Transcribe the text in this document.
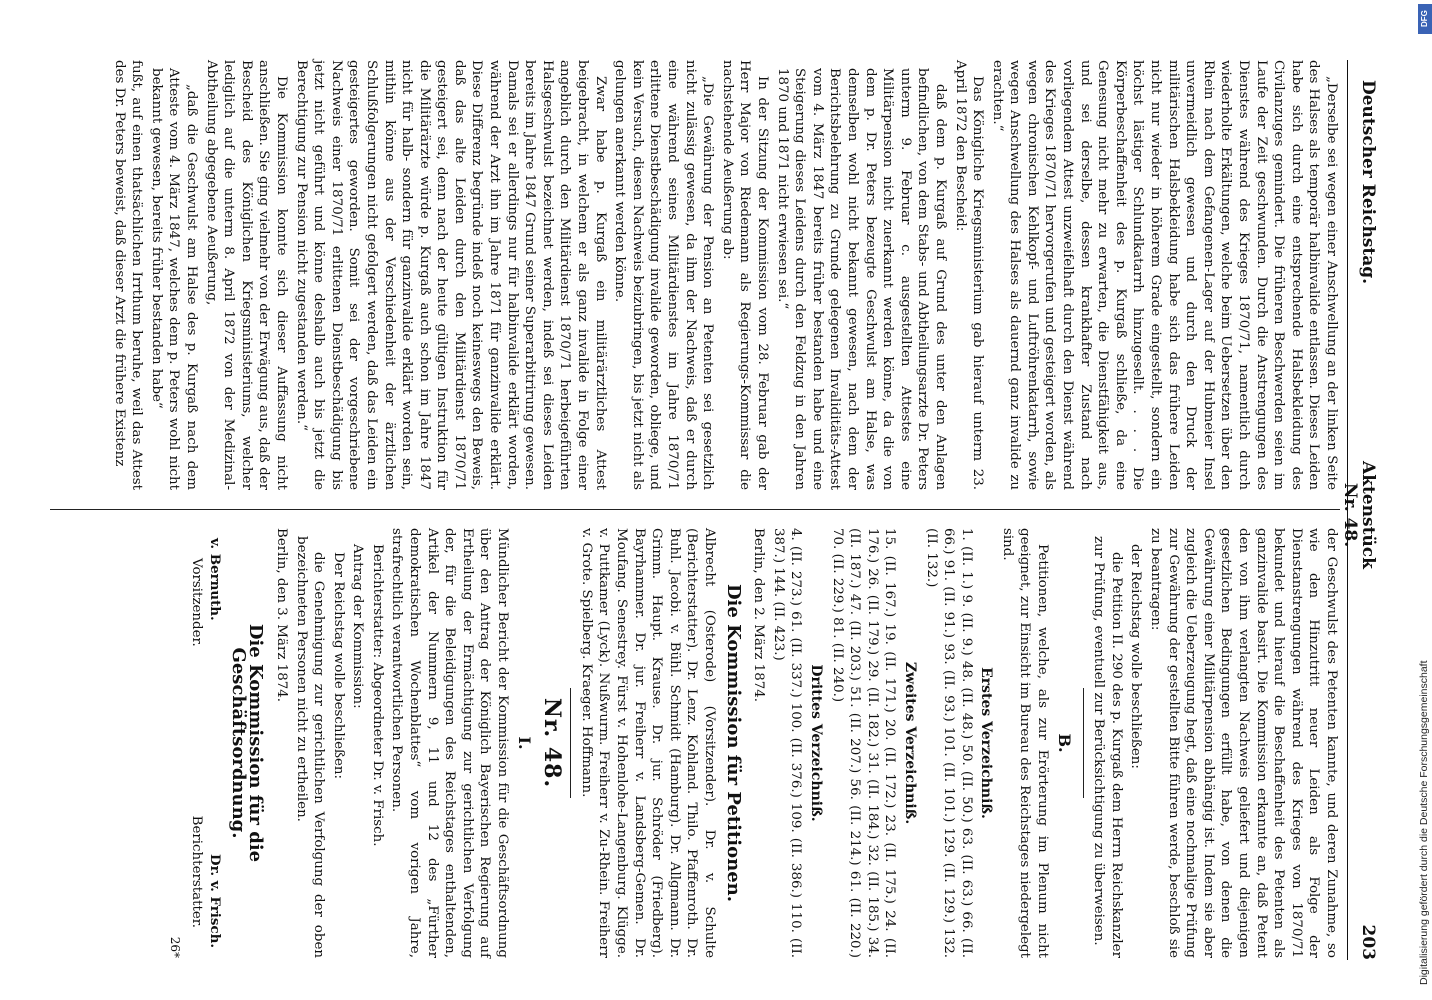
Deutscher Reichstag.
Aktenstück Nr. 48.
203

„Derselbe sei wegen einer Anschwellung an der linken Seite des Halses als temporär halbinvalide entlassen. Dieses Leiden habe sich durch eine entsprechende Halsbekleidung des Civilanzuges gemindert. Die früheren Beschwerden seien im Laufe der Zeit geschwunden. Durch die Anstrengungen des Dienstes während des Krieges 1870/71, namentlich durch wiederholte Erkältungen, welche beim Uebersetzen über den Rhein nach dem Gefangenen-Lager auf der Hubmeier Insel unvermeidlich gewesen und durch den Druck der militärischen Halsbekleidung habe sich das frühere Leiden nicht nur wieder in höherem Grade eingestellt, sondern ein höchst lästiger Schlundkatarrh hinzugesellt. . . . Die Körperbeschaffenheit des p. Kurgaß schließe, da eine Genesung nicht mehr zu erwarten, die Dienstfähigkeit aus, und sei derselbe, dessen krankhafter Zustand nach vorliegendem Attest unzweifelhaft durch den Dienst während des Krieges 1870/71 hervorgerufen und gesteigert worden, als wegen chronischen Kehlkopf- und Luftröhrenkatarrh, sowie wegen Anschwellung des Halses als dauernd ganz invalide zu erachten.“

Das Königliche Kriegsministerium gab hierauf unterm 23. April 1872 den Bescheid:

daß dem p. Kurgaß auf Grund des unter den Anlagen befindlichen, von dem Stabs- und Abtheilungsarzte Dr. Peters unterm 9. Februar c. ausgestellten Attestes eine Militärpension nicht zuerkannt werden könne, da die von dem p. Dr. Peters bezeugte Geschwulst am Halse, was demselben wohl nicht bekannt gewesen, nach dem der Berichtsbelehrung zu Grunde gelegenen Invaliditäts-Attest vom 4. März 1847 bereits früher bestanden habe und eine Steigerung dieses Leidens durch den Feldzug in den Jahren 1870 und 1871 nicht erwiesen sei.“

In der Sitzung der Kommission vom 28. Februar gab der Herr Major von Riedemann als Regierungs-Kommissar die nachstehende Aeußerung ab:

„Die Gewährung der Pension an Petenten sei gesetzlich nicht zulässig gewesen, da ihm der Nachweis, daß er durch eine während seines Militärdienstes im Jahre 1870/71 erlittene Dienstbeschädigung invalide geworden, obliege, und kein Versuch, diesen Nachweis beizubringen, bis jetzt nicht als gelungen anerkannt werden könne.

Zwar habe p. Kurgaß ein militärärztliches Attest beigebracht, in welchem er als ganz invalide in Folge einer angeblich durch den Militärdienst 1870/71 herbeigeführten Halsgeschwulst bezeichnet werden, indeß sei dieses Leiden bereits im Jahre 1847 Grund seiner Superarbitrirung gewesen. Damals sei er allerdings nur für halbinvalide erklärt worden, während der Arzt ihn im Jahre 1871 für ganzinvalide erklärt. Diese Differenz begründe indeß noch keineswegs den Beweis, daß das alte Leiden durch den Militärdienst 1870/71 gesteigert sei, denn nach der heute gültigen Instruktion für die Militärärzte würde p. Kurgaß auch schon im Jahre 1847 nicht für halb- sondern für ganzinvalide erklärt worden sein, mithin könne aus der Verschiedenheit der ärztlichen Schlußfolgerungen nicht gefolgert werden, daß das Leiden ein gesteigertes geworden. Somit sei der vorgeschriebene Nachweis einer 1870/71 erlittenen Dienstbeschädigung bis jetzt nicht geführt und könne deshalb auch bis jetzt die Berechtigung zur Pension nicht zugestanden werden.“

Die Kommission konnte sich dieser Auffassung nicht anschließen. Sie ging vielmehr von der Erwägung aus, daß der Bescheid des Königlichen Kriegsministeriums, welcher lediglich auf die unterm 8. April 1872 von der Medizinal-Abtheilung abgegebene Aeußerung,

„daß die Geschwulst am Halse des p. Kurgaß nach dem Atteste vom 4. März 1847, welches dem p. Peters wohl nicht bekannt gewesen, bereits früher bestanden habe“

fußt, auf einen thatsächlichen Irrthum beruhe, weil das Attest des Dr. Peters beweist, daß dieser Arzt die frühere Existenz

der Geschwulst des Petenten kannte, und deren Zunahme, so wie den Hinzutritt neuer Leiden als Folge der Dienstanstrengungen während des Krieges von 1870/71 bekundet und hierauf die Beschaffenheit des Petenten als ganzinvalide basirt. Die Kommission erkannte an, daß Petent den von ihm verlangten Nachweis geliefert und diejenigen gesetzlichen Bedingungen erfüllt habe, von denen die Gewährung einer Militärpension abhängig ist. Indem sie aber zugleich die Ueberzeugung hegt, daß eine nochmalige Prüfung zur Gewährung der gestellten Bitte führen werde, beschloß sie zu beantragen:

der Reichstag wolle beschließen:

die Petition II. 290 des p. Kurgaß dem Herrn Reichskanzler zur Prüfung, eventuell zur Berücksichtigung zu überweisen.

B.

Petitionen, welche, als zur Erörterung im Plenum nicht geeignet, zur Einsicht im Bureau des Reichstages niedergelegt sind.

Erstes Verzeichniß.

1. (II. 1.) 9. (II. 9.) 48. (II. 48.) 50. (II. 50.) 63. (II. 63.) 66. (II. 66.) 91. (II. 91.) 93. (II. 93.) 101. (II. 101.) 129. (II. 129.) 132. (II. 132.)

Zweites Verzeichniß.

15. (II. 167.) 19. (II. 171.) 20. (II. 172.) 23. (II. 175.) 24. (II. 176.) 26. (II. 179.) 29. (II. 182.) 31. (II. 184.) 32. (II. 185.) 34. (II. 187.) 47. (II. 203.) 51. (II. 207.) 56. (II. 214.) 61. (II. 220.) 70. (II. 229.) 81. (II. 240.)

Drittes Verzeichniß.

4. (II. 273.) 61. (II. 337.) 100. (II. 376.) 109. (II. 386.) 110. (II. 387.) 144. (II. 423.)

Berlin, den 2. März 1874.

Die Kommission für Petitionen.

Albrecht (Osterode) (Vorsitzender). Dr. v. Schulte (Berichterstatter). Dr. Lenz. Kohland. Thilo. Pfaffenroth. Dr. Buhl. Jacobi. v. Bühl. Schmidt (Hamburg). Dr. Allgmann. Dr. Grimm. Haupt. Krause. Dr. jur. Schröder (Friedberg). Bayrhammer. Dr. jur. Freiherr v. Landsberg-Gemen. Dr. Moufang. Senestrey. Fürst v. Hohenlohe-Langenburg. Klügge. v. Puttkamer (Lyck). Nußwurm. Freiherr v. Zu-Rhein. Freiherr v. Grote. Spielberg. Kraeger. Hoffmann.

Nr. 48.
I.

Mündlicher Bericht der Kommission für die Geschäftsordnung über den Antrag der Königlich Bayerischen Regierung auf Ertheilung der Ermächtigung zur gerichtlichen Verfolgung der, für die Beleidigungen des Reichstages enthaltenden, Artikel der Nummern 9, 11 und 12 des „Fürther demokratischen Wochenblattes“ vom vorigen Jahre, strafrechtlich verantwortlichen Personen.

Berichterstatter: Abgeordneter Dr. v. Frisch.

Antrag der Kommission:

Der Reichstag wolle beschließen:

die Genehmigung zur gerichtlichen Verfolgung der oben bezeichneten Personen nicht zu ertheilen.

Berlin, den 3. März 1874.

Die Kommission für die Geschäftsordnung.
v. Bernuth.
Dr. v. Frisch.
Vorsitzender.
Berichterstatter.
26*	Digitalisierung gefördert durch die Deutsche Forschungsgemeinschaft
DFG
